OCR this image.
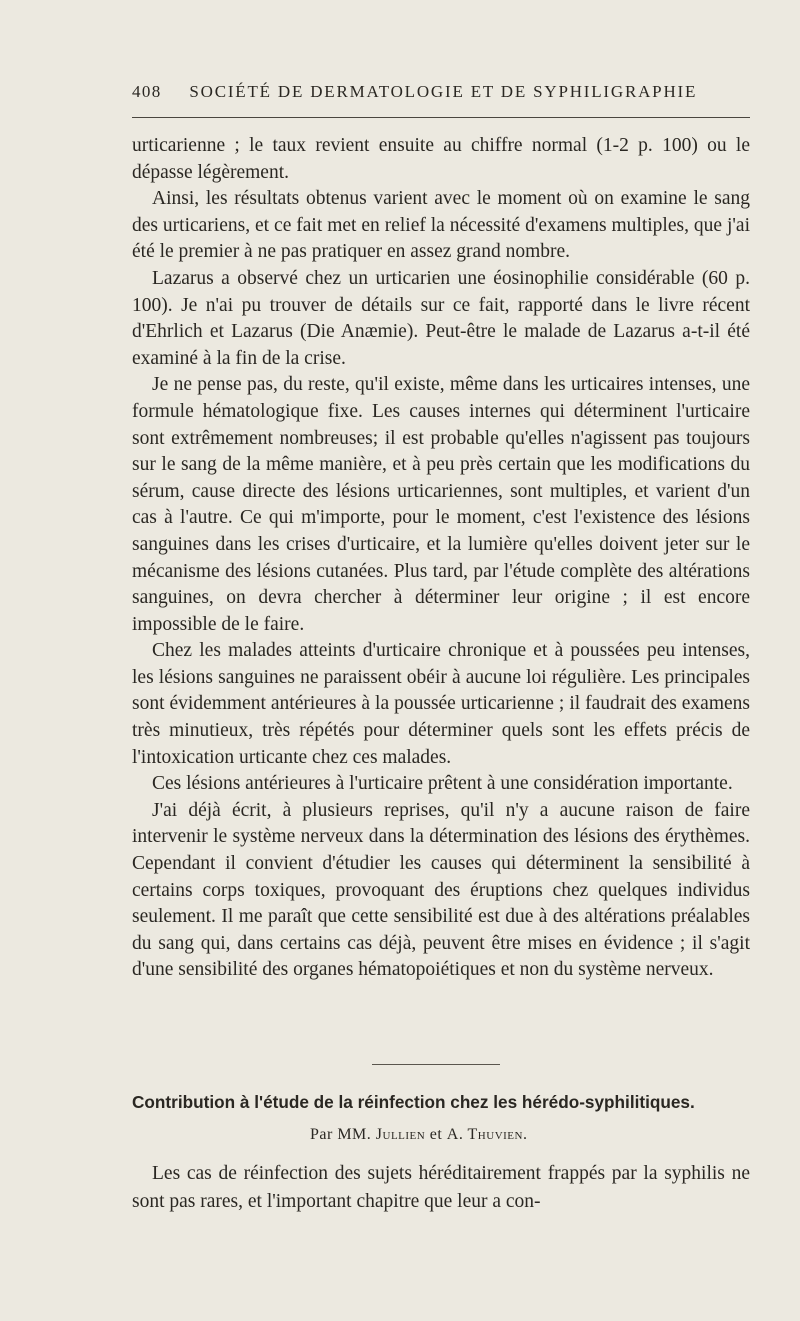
408 SOCIÉTÉ DE DERMATOLOGIE ET DE SYPHILIGRAPHIE

urticarienne ; le taux revient ensuite au chiffre normal (1-2 p. 100) ou le dépasse légèrement.

Ainsi, les résultats obtenus varient avec le moment où on examine le sang des urticariens, et ce fait met en relief la nécessité d'examens multiples, que j'ai été le premier à ne pas pratiquer en assez grand nombre.

Lazarus a observé chez un urticarien une éosinophilie considérable (60 p. 100). Je n'ai pu trouver de détails sur ce fait, rapporté dans le livre récent d'Ehrlich et Lazarus (Die Anæmie). Peut-être le malade de Lazarus a-t-il été examiné à la fin de la crise.

Je ne pense pas, du reste, qu'il existe, même dans les urticaires intenses, une formule hématologique fixe. Les causes internes qui déterminent l'urticaire sont extrêmement nombreuses; il est probable qu'elles n'agissent pas toujours sur le sang de la même manière, et à peu près certain que les modifications du sérum, cause directe des lésions urticariennes, sont multiples, et varient d'un cas à l'autre. Ce qui m'importe, pour le moment, c'est l'existence des lésions sanguines dans les crises d'urticaire, et la lumière qu'elles doivent jeter sur le mécanisme des lésions cutanées. Plus tard, par l'étude complète des altérations sanguines, on devra chercher à déterminer leur origine ; il est encore impossible de le faire.

Chez les malades atteints d'urticaire chronique et à poussées peu intenses, les lésions sanguines ne paraissent obéir à aucune loi régulière. Les principales sont évidemment antérieures à la poussée urticarienne ; il faudrait des examens très minutieux, très répétés pour déterminer quels sont les effets précis de l'intoxication urticante chez ces malades.

Ces lésions antérieures à l'urticaire prêtent à une considération importante.

J'ai déjà écrit, à plusieurs reprises, qu'il n'y a aucune raison de faire intervenir le système nerveux dans la détermination des lésions des érythèmes. Cependant il convient d'étudier les causes qui déterminent la sensibilité à certains corps toxiques, provoquant des éruptions chez quelques individus seulement. Il me paraît que cette sensibilité est due à des altérations préalables du sang qui, dans certains cas déjà, peuvent être mises en évidence ; il s'agit d'une sensibilité des organes hématopoiétiques et non du système nerveux.

Contribution à l'étude de la réinfection chez les hérédo-syphilitiques.
Par MM. Jullien et A. Thuvien.

Les cas de réinfection des sujets héréditairement frappés par la syphilis ne sont pas rares, et l'important chapitre que leur a con-
